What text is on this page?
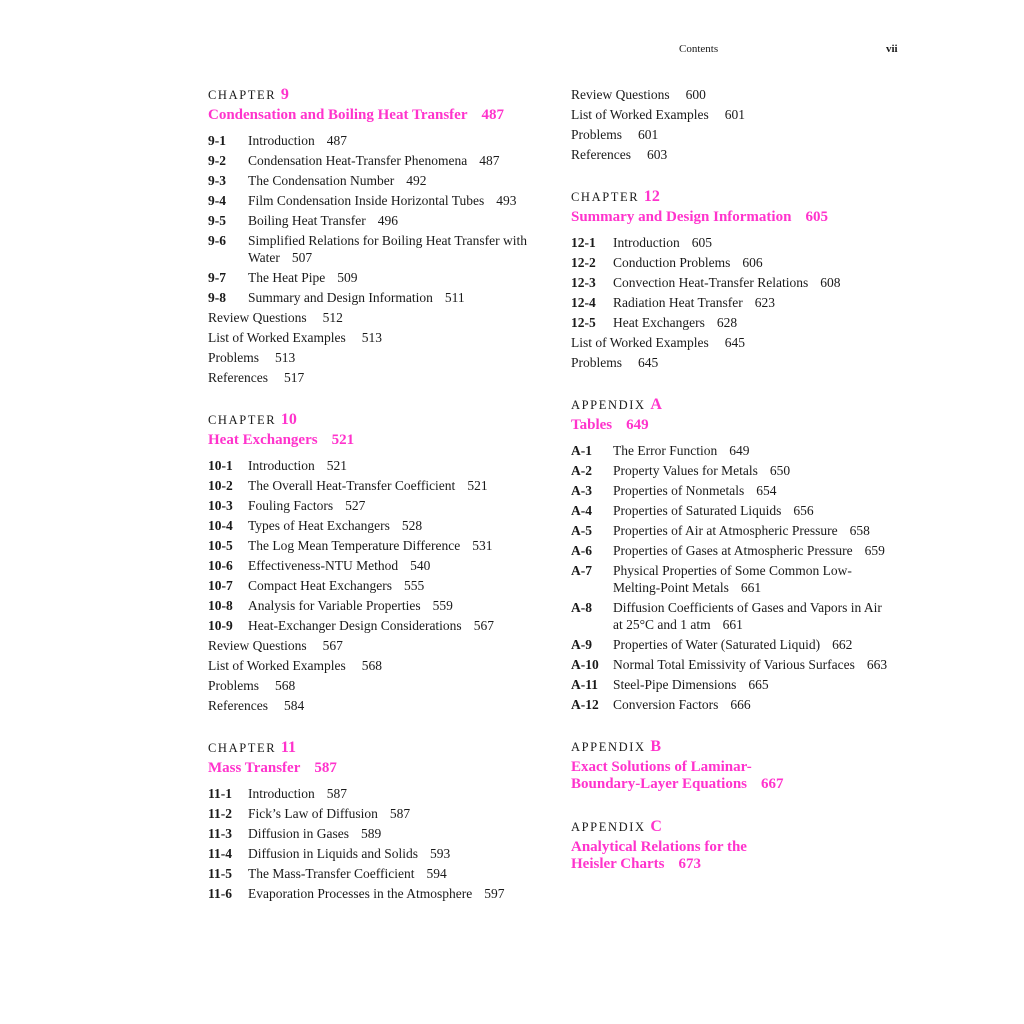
Contents	vii
CHAPTER 9
Condensation and Boiling Heat Transfer 487
9-1	Introduction 487
9-2	Condensation Heat-Transfer Phenomena 487
9-3	The Condensation Number 492
9-4	Film Condensation Inside Horizontal Tubes 493
9-5	Boiling Heat Transfer 496
9-6	Simplified Relations for Boiling Heat Transfer with Water 507
9-7	The Heat Pipe 509
9-8	Summary and Design Information 511
Review Questions 512
List of Worked Examples 513
Problems 513
References 517
CHAPTER 10
Heat Exchangers 521
10-1	Introduction 521
10-2	The Overall Heat-Transfer Coefficient 521
10-3	Fouling Factors 527
10-4	Types of Heat Exchangers 528
10-5	The Log Mean Temperature Difference 531
10-6	Effectiveness-NTU Method 540
10-7	Compact Heat Exchangers 555
10-8	Analysis for Variable Properties 559
10-9	Heat-Exchanger Design Considerations 567
Review Questions 567
List of Worked Examples 568
Problems 568
References 584
CHAPTER 11
Mass Transfer 587
11-1	Introduction 587
11-2	Fick’s Law of Diffusion 587
11-3	Diffusion in Gases 589
11-4	Diffusion in Liquids and Solids 593
11-5	The Mass-Transfer Coefficient 594
11-6	Evaporation Processes in the Atmosphere 597
Review Questions 600
List of Worked Examples 601
Problems 601
References 603
CHAPTER 12
Summary and Design Information 605
12-1	Introduction 605
12-2	Conduction Problems 606
12-3	Convection Heat-Transfer Relations 608
12-4	Radiation Heat Transfer 623
12-5	Heat Exchangers 628
List of Worked Examples 645
Problems 645
APPENDIX A
Tables 649
A-1	The Error Function 649
A-2	Property Values for Metals 650
A-3	Properties of Nonmetals 654
A-4	Properties of Saturated Liquids 656
A-5	Properties of Air at Atmospheric Pressure 658
A-6	Properties of Gases at Atmospheric Pressure 659
A-7	Physical Properties of Some Common Low-Melting-Point Metals 661
A-8	Diffusion Coefficients of Gases and Vapors in Air at 25°C and 1 atm 661
A-9	Properties of Water (Saturated Liquid) 662
A-10	Normal Total Emissivity of Various Surfaces 663
A-11	Steel-Pipe Dimensions 665
A-12	Conversion Factors 666
APPENDIX B
Exact Solutions of Laminar-
Boundary-Layer Equations 667
APPENDIX C
Analytical Relations for the
Heisler Charts 673
